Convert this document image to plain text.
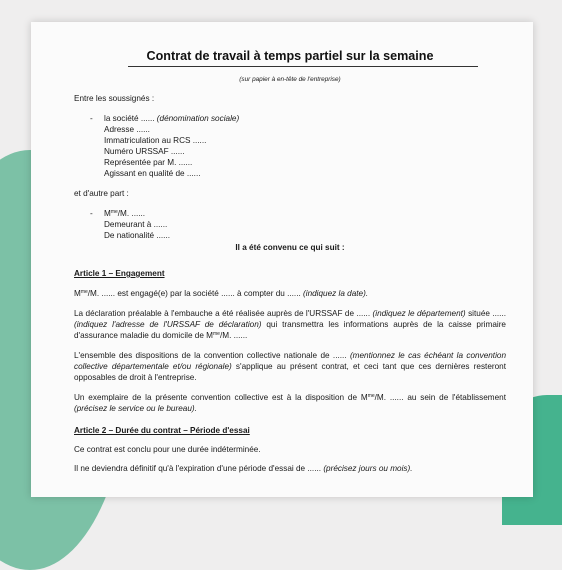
Contrat de travail à temps partiel sur la semaine
(sur papier à en-tête de l'entreprise)

Entre les soussignés :

- la société ...... (dénomination sociale)
Adresse ......
Immatriculation au RCS ......
Numéro URSSAF ......
Représentée par M. ......
Agissant en qualité de ......

et d'autre part :

- $M^{me}/M$. ......
Demeurant à ......
De nationalité ......

Il a été convenu ce qui suit :

Article 1 – Engagement

$M^{me}/M$. ...... est engagé(e) par la société ...... à compter du ...... (indiquez la date).

La déclaration préalable à l'embauche a été réalisée auprès de l'URSSAF de ...... (indiquez le département) située ...... (indiquez l'adresse de l'URSSAF de déclaration) qui transmettra les informations auprès de la caisse primaire d'assurance maladie du domicile de $M^{me}/M$. ......

L'ensemble des dispositions de la convention collective nationale de ...... (mentionnez le cas échéant la convention collective départementale et/ou régionale) s'applique au présent contrat, et ceci tant que ces dernières resteront opposables de droit à l'entreprise.

Un exemplaire de la présente convention collective est à la disposition de $M^{me}/M$. ...... au sein de l'établissement (précisez le service ou le bureau).

Article 2 – Durée du contrat – Période d'essai

Ce contrat est conclu pour une durée indéterminée.

Il ne deviendra définitif qu'à l'expiration d'une période d'essai de ...... (précisez jours ou mois).
